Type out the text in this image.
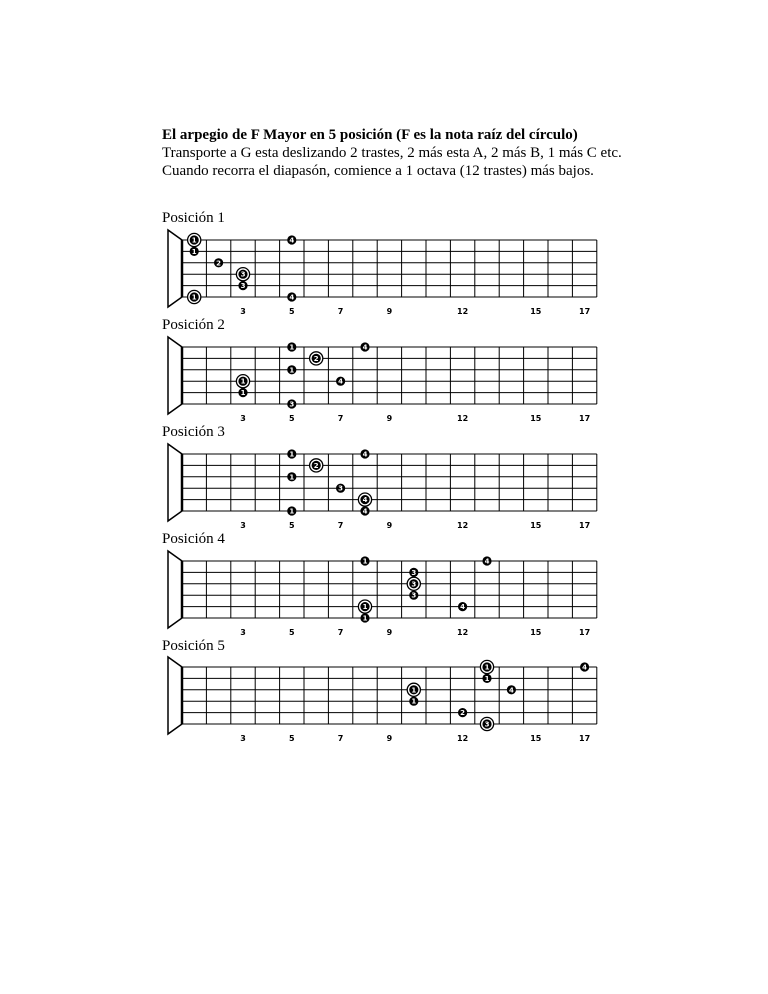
El arpegio de F Mayor en 5 posición (F es la nota raíz del círculo)
Transporte a G esta deslizando 2 trastes, 2 más esta A, 2 más B, 1 más C etc. Cuando recorra el diapasón, comience a 1 octava (12 trastes) más bajos.
Posición 1
Posición 2
Posición 3
Posición 4
Posición 5
3	5	7	9	12	15	17
1	4
1
2
3
3
1	4
3	5	7	9	12	15	17
1	4
2
1
4
1
1
3
3	5	7	9	12	15	17
1	4
2
1
3
4
1	4
3	5	7	9	12	15	17
1	4
3
3
3
1	4
1
3	5	7	9	12	15	17
1	4
1
4
1
1
2
3
